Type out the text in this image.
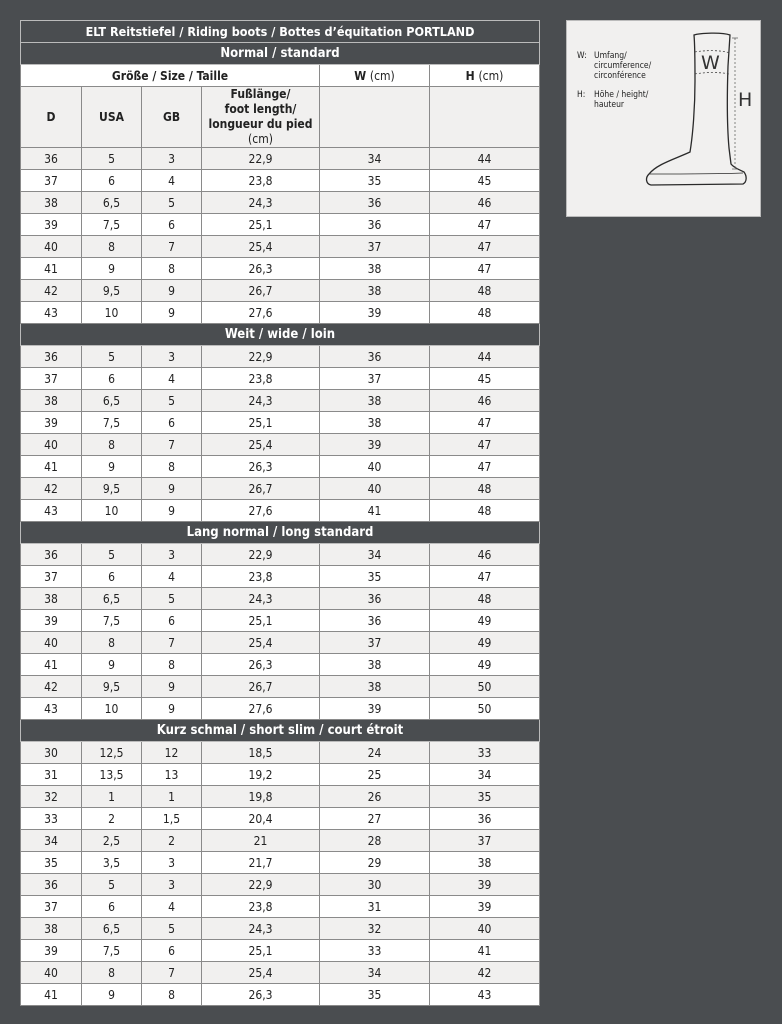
ELT Reitstiefel / Riding boots / Bottes d’équitation PORTLAND					
Normal / standard					
Größe / Size / Taille				W (cm)	H (cm)
D	USA	GB	Fußlänge/
foot length/
longueur du pied
(cm)		

36	5	3	22,9	34	44
37	6	4	23,8	35	45
38	6,5	5	24,3	36	46
39	7,5	6	25,1	36	47
40	8	7	25,4	37	47
41	9	8	26,3	38	47
42	9,5	9	26,7	38	48
43	10	9	27,6	39	48
Weit / wide / loin					
36	5	3	22,9	36	44
37	6	4	23,8	37	45
38	6,5	5	24,3	38	46
39	7,5	6	25,1	38	47
40	8	7	25,4	39	47
41	9	8	26,3	40	47
42	9,5	9	26,7	40	48
43	10	9	27,6	41	48
Lang normal / long standard					
36	5	3	22,9	34	46
37	6	4	23,8	35	47
38	6,5	5	24,3	36	48
39	7,5	6	25,1	36	49
40	8	7	25,4	37	49
41	9	8	26,3	38	49
42	9,5	9	26,7	38	50
43	10	9	27,6	39	50
Kurz schmal / short slim / court étroit					
30	12,5	12	18,5	24	33
31	13,5	13	19,2	25	34
32	1	1	19,8	26	35
33	2	1,5	20,4	27	36
34	2,5	2	21	28	37
35	3,5	3	21,7	29	38
36	5	3	22,9	30	39
37	6	4	23,8	31	39
38	6,5	5	24,3	32	40
39	7,5	6	25,1	33	41
40	8	7	25,4	34	42
41	9	8	26,3	35	43
W: Umfang/
circumference/
circonférence
H: Höhe / height/
hauteur
W
H
